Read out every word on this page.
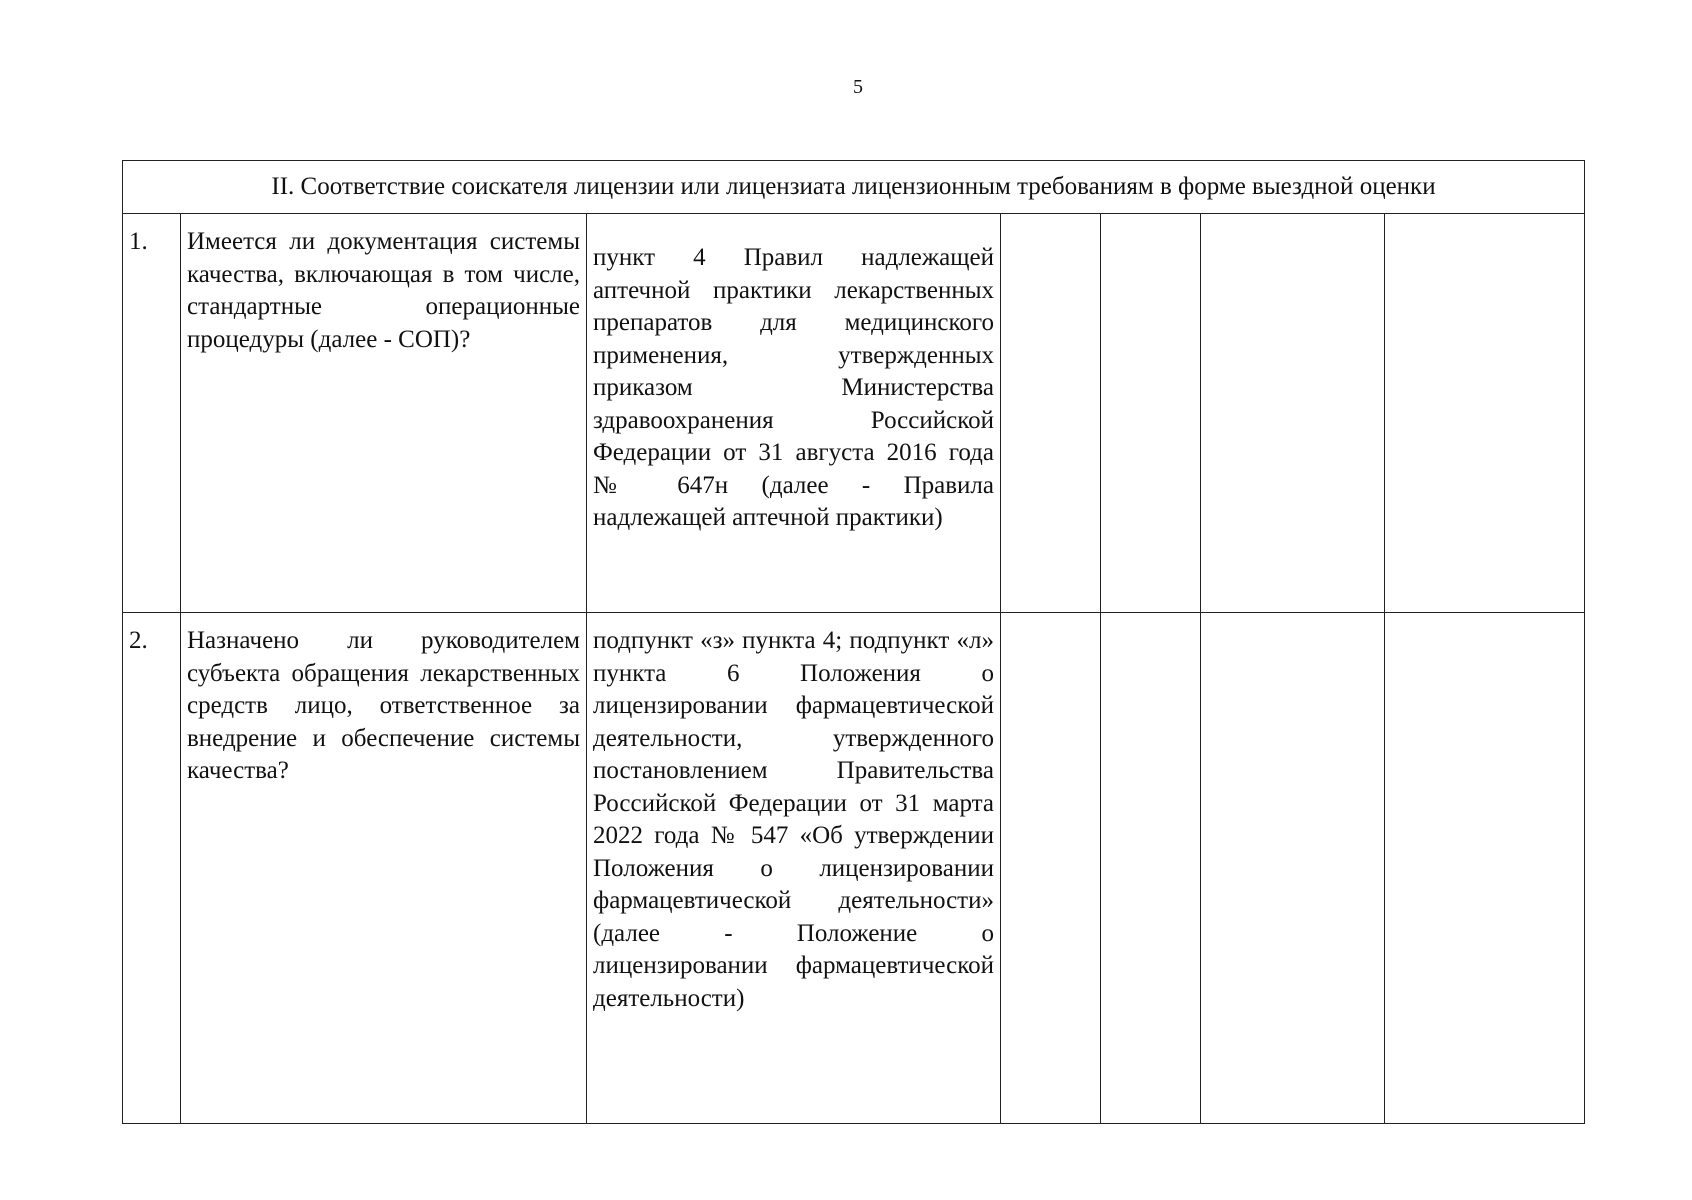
5
II. Соответствие соискателя лицензии или лицензиата лицензионным требованиям в форме выездной оценки						
1.	Имеется ли документация системы качества, включающая в том числе, стандартные операционные процедуры (далее - СОП)?	пункт 4 Правил надлежащей аптечной практики лекарственных препаратов для медицинского применения, утвержденных приказом Министерства здравоохранения Российской Федерации от 31 августа 2016 года № 647н (далее - Правила надлежащей аптечной практики)				
2.	Назначено ли руководителем субъекта обращения лекарственных средств лицо, ответственное за внедрение и обеспечение системы качества?	подпункт «з» пункта 4; подпункт «л» пункта 6 Положения о лицензировании фармацевтической деятельности, утвержденного постановлением Правительства Российской Федерации от 31 марта 2022 года № 547 «Об утверждении Положения о лицензировании фармацевтической деятельности» (далее - Положение о лицензировании фармацевтической деятельности)				
